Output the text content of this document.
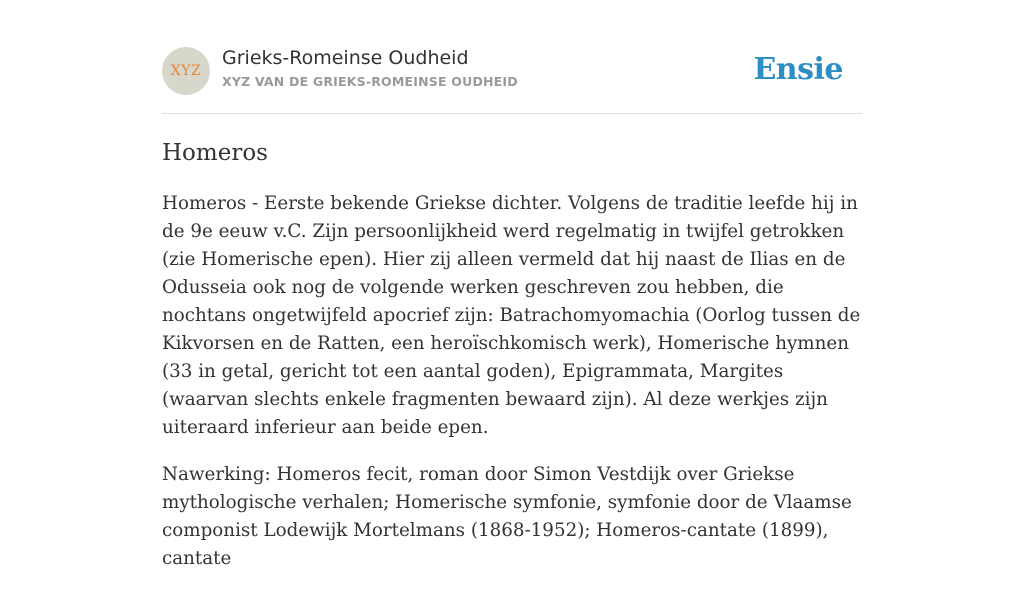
XYZ
Grieks-Romeinse Oudheid
XYZ VAN DE GRIEKS-ROMEINSE OUDHEID	Ensie
Homeros

Homeros - Eerste bekende Griekse dichter. Volgens de traditie leefde hij in de 9e eeuw v.C. Zijn persoonlijkheid werd regelmatig in twijfel getrokken (zie Homerische epen). Hier zij alleen vermeld dat hij naast de Ilias en de Odusseia ook nog de volgende werken geschreven zou hebben, die nochtans ongetwijfeld apocrief zijn: Batrachomyomachia (Oorlog tussen de Kikvorsen en de Ratten, een heroïschkomisch werk), Homerische hymnen (33 in getal, gericht tot een aantal goden), Epigrammata, Margites (waarvan slechts enkele fragmenten bewaard zijn). Al deze werkjes zijn uiteraard inferieur aan beide epen.

Nawerking: Homeros fecit, roman door Simon Vestdijk over Griekse mythologische verhalen; Homerische symfonie, symfonie door de Vlaamse componist Lodewijk Mortelmans (1868-1952); Homeros-cantate (1899), cantate
